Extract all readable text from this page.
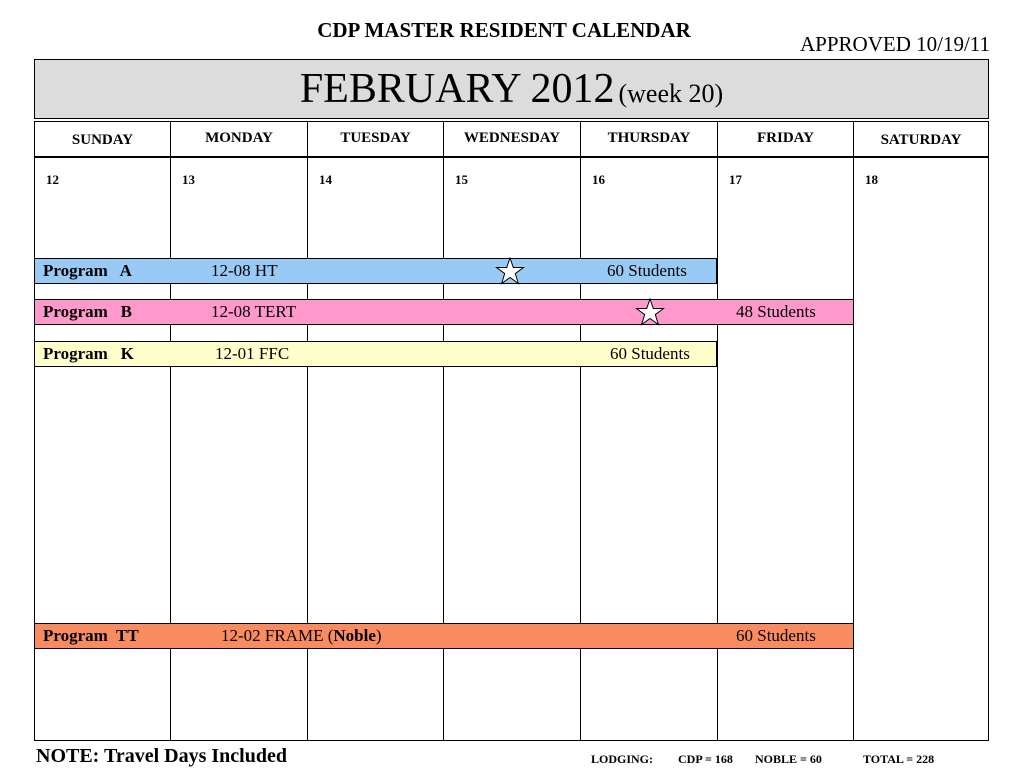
CDP MASTER RESIDENT CALENDAR
APPROVED 10/19/11
FEBRUARY 2012 (week 20)
SUNDAY	MONDAY	TUESDAY	WEDNESDAY	THURSDAY	FRIDAY	SATURDAY
12	13	14	15	16	17	18
Program   A	12-08 HT	60 Students
Program   B	12-08 TERT	48 Students
Program   K	12-01 FFC	60 Students
Program  TT	12-02 FRAME (Noble)	60 Students
NOTE: Travel Days Included	LODGING: CDP = 168 NOBLE = 60	TOTAL = 228
